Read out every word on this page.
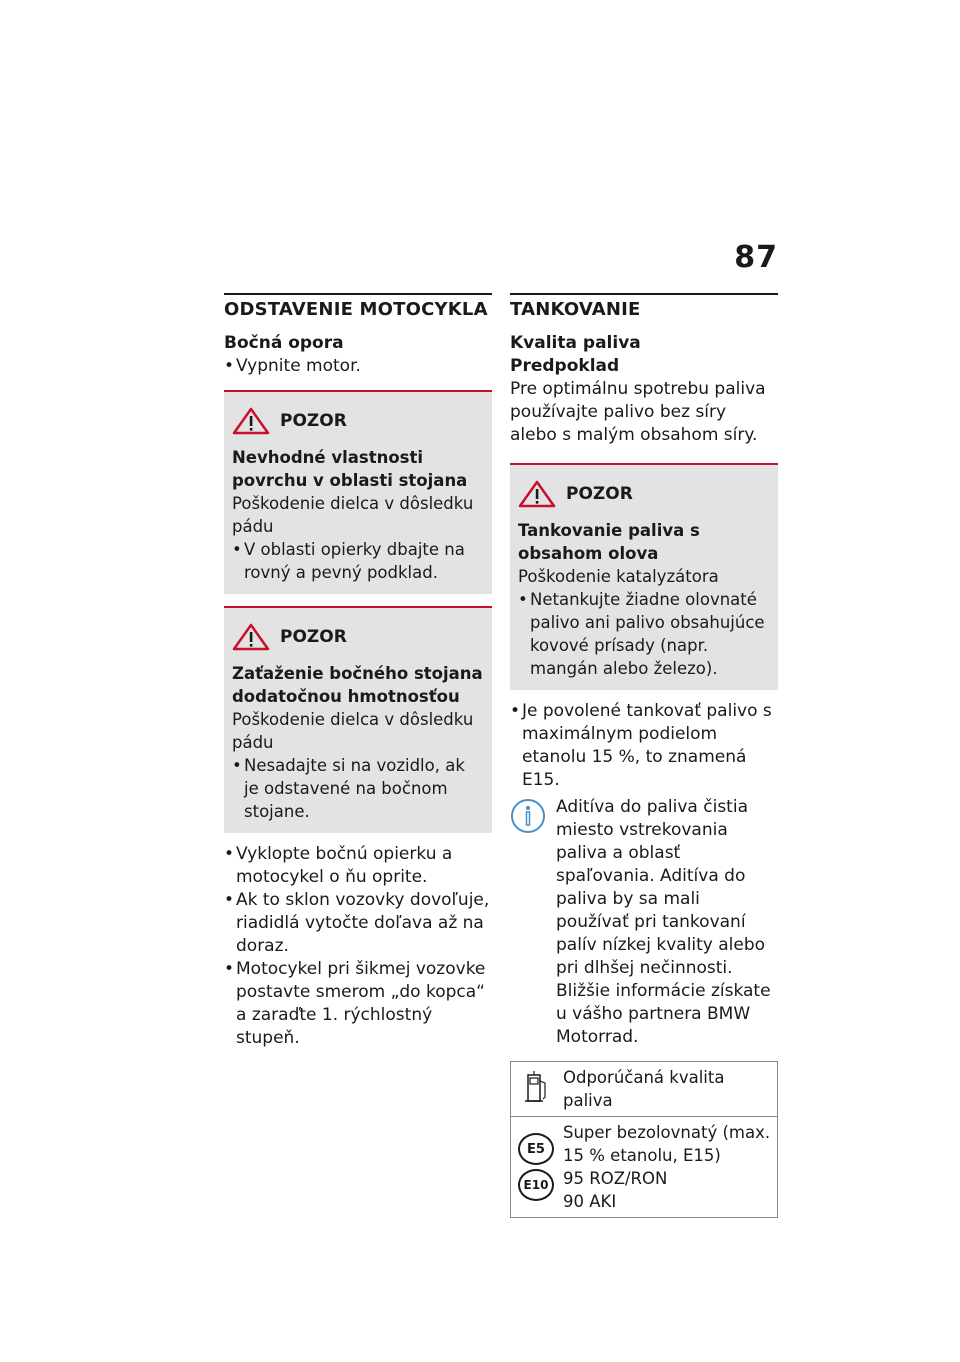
87
ODSTAVENIE MOTOCYKLA
Bočná opora
• Vypnite motor.
POZOR
Nevhodné vlastnosti povrchu v oblasti stojana
Poškodenie dielca v dôsledku pádu
• V oblasti opierky dbajte na rovný a pevný podklad.
POZOR
Zaťaženie bočného stojana dodatočnou hmotnosťou
Poškodenie dielca v dôsledku pádu
• Nesadajte si na vozidlo, ak je odstavené na bočnom stojane.
• Vyklopte bočnú opierku a motocykel o ňu oprite.
• Ak to sklon vozovky dovoľuje, riadidlá vytočte doľava až na doraz.
• Motocykel pri šikmej vozovke postavte smerom „do kopca“ a zaraďte 1. rýchlostný stupeň.
TANKOVANIE
Kvalita paliva
Predpoklad
Pre optimálnu spotrebu paliva používajte palivo bez síry alebo s malým obsahom síry.
POZOR
Tankovanie paliva s obsahom olova
Poškodenie katalyzátora
• Netankujte žiadne olovnaté palivo ani palivo obsahujúce kovové prísady (napr. mangán alebo železo).
• Je povolené tankovať palivo s maximálnym podielom etanolu 15 %, to znamená E15.
Aditíva do paliva čistia miesto vstrekovania paliva a oblasť spaľovania. Aditíva do paliva by sa mali používať pri tankovaní palív nízkej kvality alebo pri dlhšej nečinnosti. Bližšie informácie získate u vášho partnera BMW Motorrad.
Odporúčaná kvalita paliva
E5
E10
Super bezolovnatý (max. 15 % etanolu, E15)
95 ROZ/RON
90 AKI
